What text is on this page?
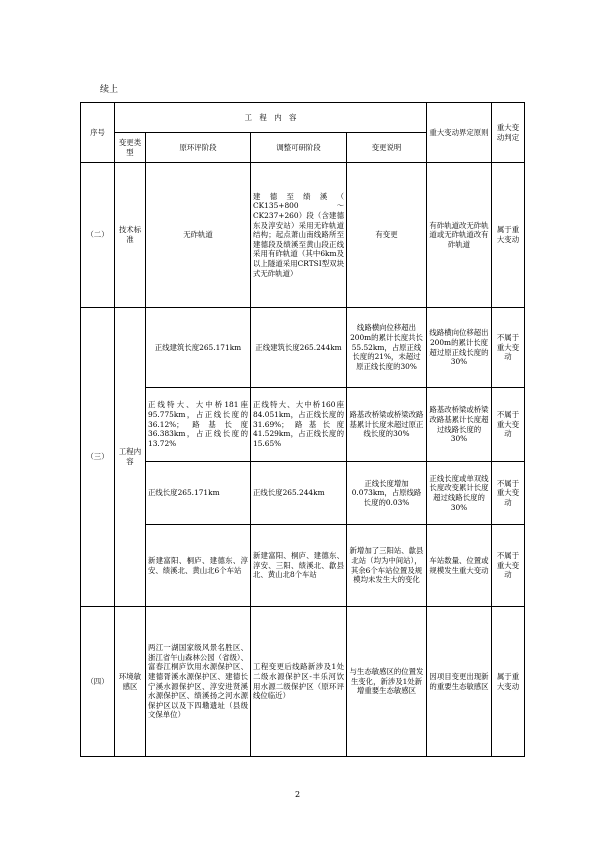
续上
序号	工　程　内　容				重大变动界定原则	重大变动判定
	变更类型	原环评阶段	调整可研阶段	变更说明		
（二）	技术标准	无砟轨道	建德至绩溪（ CK135+800 ～ CK237+260）段（含建德东及淳安站）采用无砟轨道结构；起点萧山南线路所至建德段及绩溪至黄山段正线采用有砟轨道（其中6km及以上隧道采用CRTSⅠ型双块式无砟轨道）	有变更	有砟轨道改无砟轨道或无砟轨道改有砟轨道	属于重大变动
（三）	工程内容	正线建筑长度265.171km	正线建筑长度265.244km	线路横向位移超出200m的累计长度共长55.52km，占原正线长度的21%，未超过原正线长度的30%	线路横向位移超出200m的累计长度超过原正线长度的30%	不属于重大变动
		正线特大、大中桥181座95.775km，占正线长度的36.12%；路基长度36.383km，占正线长度的13.72%	正线特大、大中桥160座84.051km，占正线长度的31.69%；路基长度41.529km，占正线长度的15.65%	路基改桥梁或桥梁改路基累计长度未超过原正线长度的30%	路基改桥梁或桥梁改路基累计长度超过线路长度的30%	不属于重大变动
		正线长度265.171km	正线长度265.244km	正线长度增加0.073km，占原线路长度的0.03%	正线长度或单双线长度改变累计长度超过线路长度的30%	不属于重大变动
		新建富阳、桐庐、建德东、淳安、绩溪北、黄山北6个车站	新建富阳、桐庐、建德东、淳安、三阳、绩溪北、歙县北、黄山北8个车站	新增加了三阳站、歙县北站（均为中间站），其余6个车站位置及规模均未发生大的变化	车站数量、位置或规模发生重大变动	不属于重大变动
（四）	环境敏感区	两江一湖国家级风景名胜区、浙江省午山森林公园（省级）、富春江桐庐饮用水源保护区、建德胥溪水源保护区、建德长宁溪水源保护区、淳安进贤溪水源保护区、绩溪扬之河水源保护区以及下四墈遗址（县级文保单位）	工程变更后线路新涉及1处二级水源保护区-丰乐河饮用水源二级保护区（原环评线位临近）	与生态敏感区的位置发生变化，新涉及1处新增重要生态敏感区	因项目变更出现新的重要生态敏感区	属于重大变动
2
